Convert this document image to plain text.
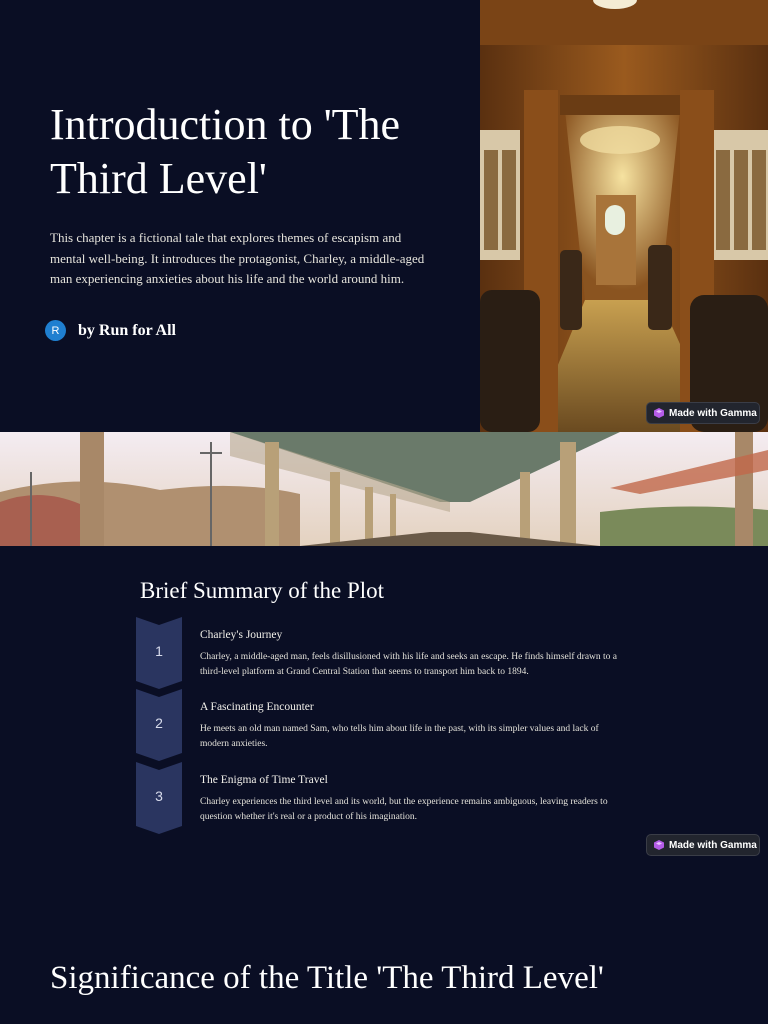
Introduction to 'The Third Level'

This chapter is a fictional tale that explores themes of escapism and mental well-being. It introduces the protagonist, Charley, a middle-aged man experiencing anxieties about his life and the world around him.

R	by Run for All
Made with Gamma
Brief Summary of the Plot
1
Charley's Journey
Charley, a middle-aged man, feels disillusioned with his life and seeks an escape. He finds himself drawn to a third-level platform at Grand Central Station that seems to transport him back to 1894.
2
A Fascinating Encounter
He meets an old man named Sam, who tells him about life in the past, with its simpler values and lack of modern anxieties.
3
The Enigma of Time Travel
Charley experiences the third level and its world, but the experience remains ambiguous, leaving readers to question whether it's real or a product of his imagination.
Made with Gamma
Significance of the Title 'The Third Level'
